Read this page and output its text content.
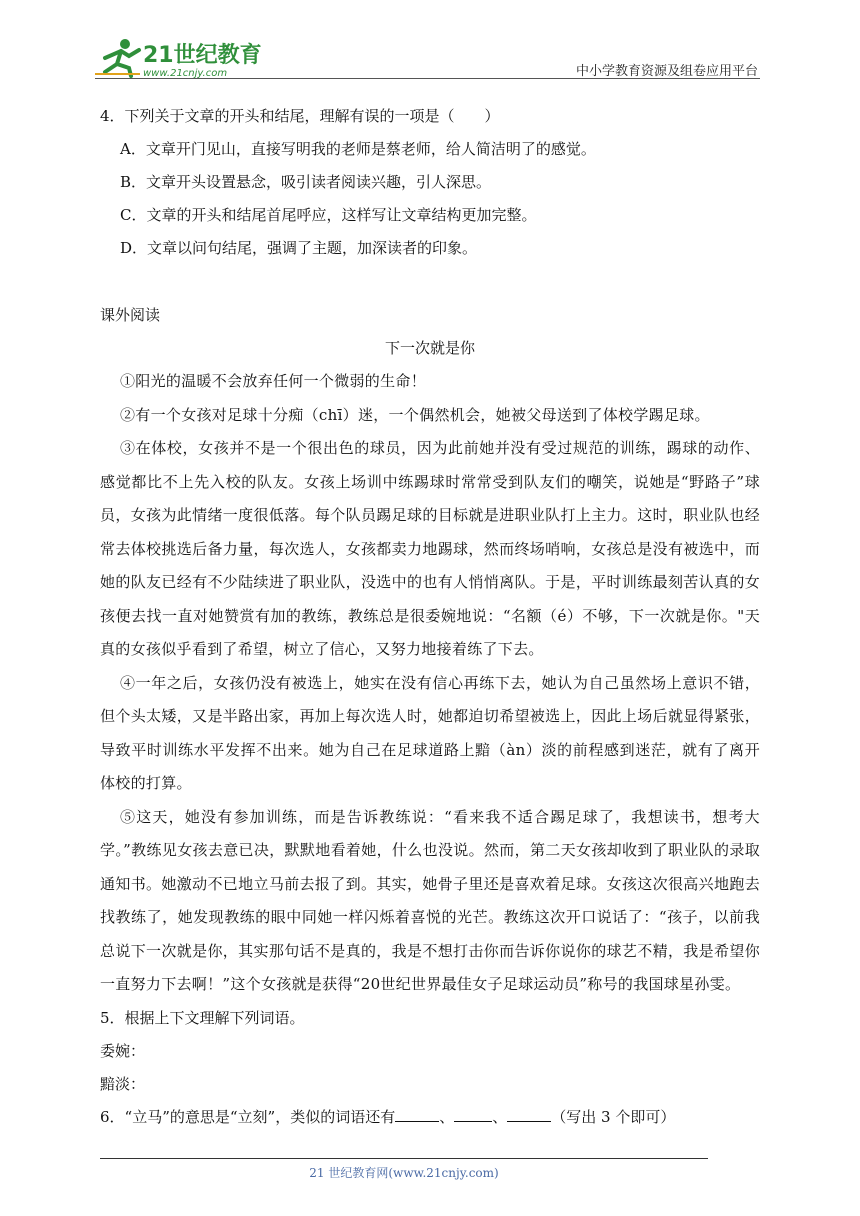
21世纪教育
www.21cnjy.com	中小学教育资源及组卷应用平台

4．下列关于文章的开头和结尾，理解有误的一项是（　　）

A．文章开门见山，直接写明我的老师是蔡老师，给人简洁明了的感觉。

B．文章开头设置悬念，吸引读者阅读兴趣，引人深思。

C．文章的开头和结尾首尾呼应，这样写让文章结构更加完整。

D．文章以问句结尾，强调了主题，加深读者的印象。

课外阅读

下一次就是你

①阳光的温暖不会放弃任何一个微弱的生命！

②有一个女孩对足球十分痴（chī）迷，一个偶然机会，她被父母送到了体校学踢足球。

③在体校，女孩并不是一个很出色的球员，因为此前她并没有受过规范的训练，踢球的动作、感觉都比不上先入校的队友。女孩上场训中练踢球时常常受到队友们的嘲笑，说她是“野路子”球员，女孩为此情绪一度很低落。每个队员踢足球的目标就是进职业队打上主力。这时，职业队也经常去体校挑选后备力量，每次选人，女孩都卖力地踢球，然而终场哨响，女孩总是没有被选中，而她的队友已经有不少陆续进了职业队，没选中的也有人悄悄离队。于是，平时训练最刻苦认真的女孩便去找一直对她赞赏有加的教练，教练总是很委婉地说：“名额（é）不够，下一次就是你。"天真的女孩似乎看到了希望，树立了信心，又努力地接着练了下去。

④一年之后，女孩仍没有被选上，她实在没有信心再练下去，她认为自己虽然场上意识不错，但个头太矮，又是半路出家，再加上每次选人时，她都迫切希望被选上，因此上场后就显得紧张，导致平时训练水平发挥不出来。她为自己在足球道路上黯（àn）淡的前程感到迷茫，就有了离开体校的打算。

⑤这天，她没有参加训练，而是告诉教练说：“看来我不适合踢足球了，我想读书，想考大学。”教练见女孩去意已决，默默地看着她，什么也没说。然而，第二天女孩却收到了职业队的录取通知书。她激动不已地立马前去报了到。其实，她骨子里还是喜欢着足球。女孩这次很高兴地跑去找教练了，她发现教练的眼中同她一样闪烁着喜悦的光芒。教练这次开口说话了：“孩子，以前我总说下一次就是你，其实那句话不是真的，我是不想打击你而告诉你说你的球艺不精，我是希望你一直努力下去啊！”这个女孩就是获得“20世纪世界最佳女子足球运动员”称号的我国球星孙雯。

5．根据上下文理解下列词语。

委婉：

黯淡：

6．“立马”的意思是“立刻”，类似的词语还有	、	、	（写出 3 个即可）

21 世纪教育网(www.21cnjy.com)
